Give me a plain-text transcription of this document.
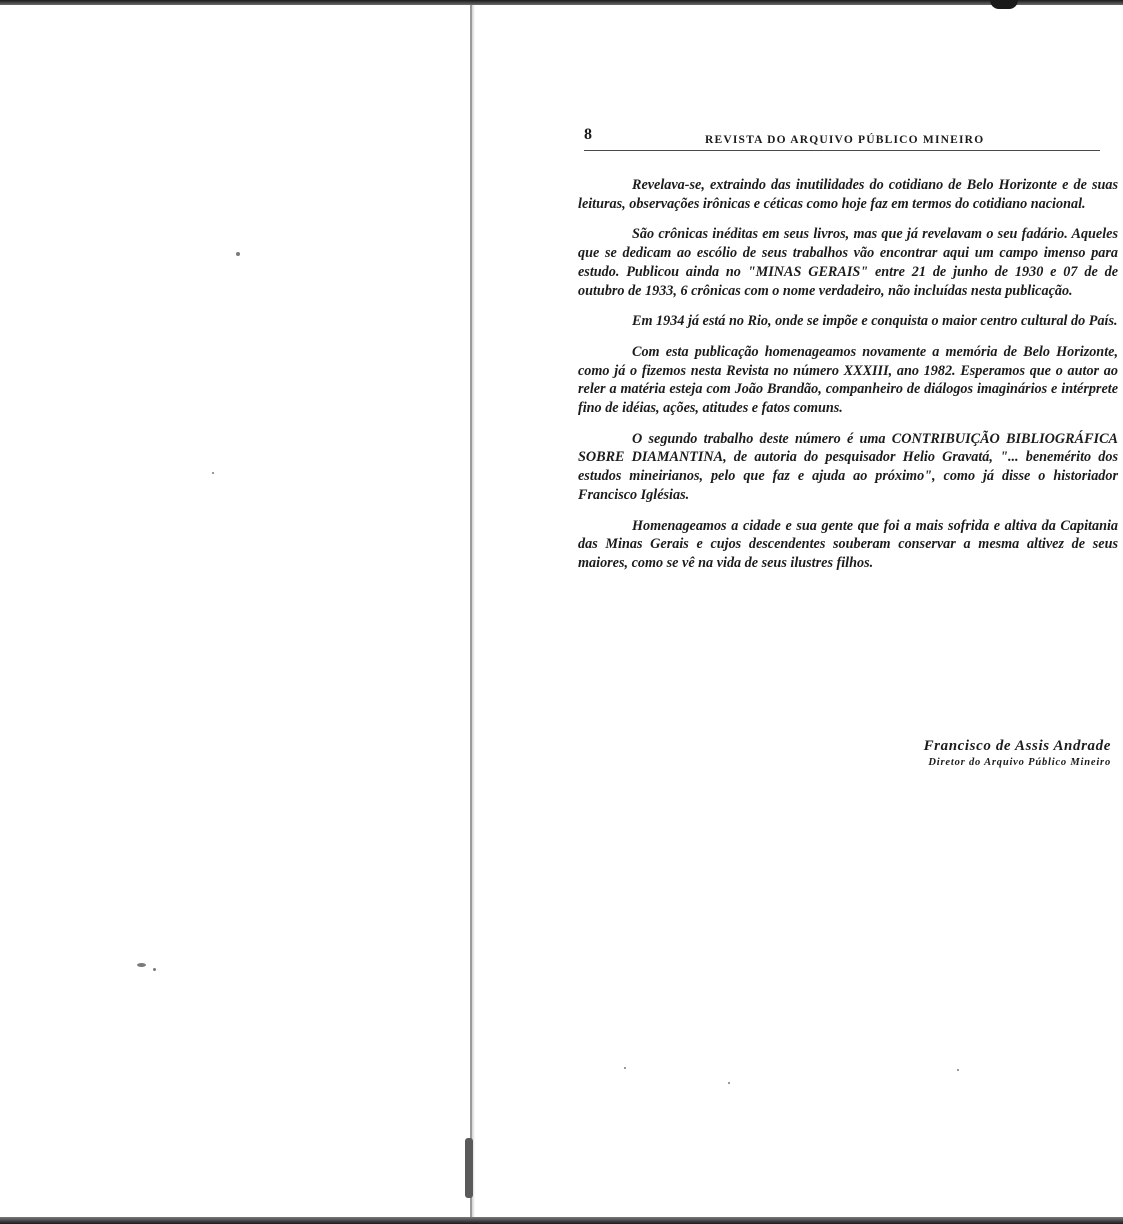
8	REVISTA DO ARQUIVO PÚBLICO MINEIRO

Revelava-se, extraindo das inutilidades do cotidiano de Belo Horizonte e de suas leituras, observações irônicas e céticas como hoje faz em termos do cotidiano nacional.

São crônicas inéditas em seus livros, mas que já revelavam o seu fadário. Aqueles que se dedicam ao escólio de seus trabalhos vão encontrar aqui um campo imenso para estudo. Publicou ainda no "MINAS GERAIS" entre 21 de junho de 1930 e 07 de de outubro de 1933, 6 crônicas com o nome verdadeiro, não incluídas nesta publicação.

Em 1934 já está no Rio, onde se impõe e conquista o maior centro cultural do País.

Com esta publicação homenageamos novamente a memória de Belo Horizonte, como já o fizemos nesta Revista no número XXXIII, ano 1982. Esperamos que o autor ao reler a matéria esteja com João Brandão, companheiro de diálogos imaginários e intérprete fino de idéias, ações, atitudes e fatos comuns.

O segundo trabalho deste número é uma CONTRIBUIÇÃO BIBLIOGRÁFICA SOBRE DIAMANTINA, de autoria do pesquisador Helio Gravatá, "... benemérito dos estudos mineirianos, pelo que faz e ajuda ao próximo", como já disse o historiador Francisco Iglésias.

Homenageamos a cidade e sua gente que foi a mais sofrida e altiva da Capitania das Minas Gerais e cujos descendentes souberam conservar a mesma altivez de seus maiores, como se vê na vida de seus ilustres filhos.

Francisco de Assis Andrade
Diretor do Arquivo Público Mineiro
